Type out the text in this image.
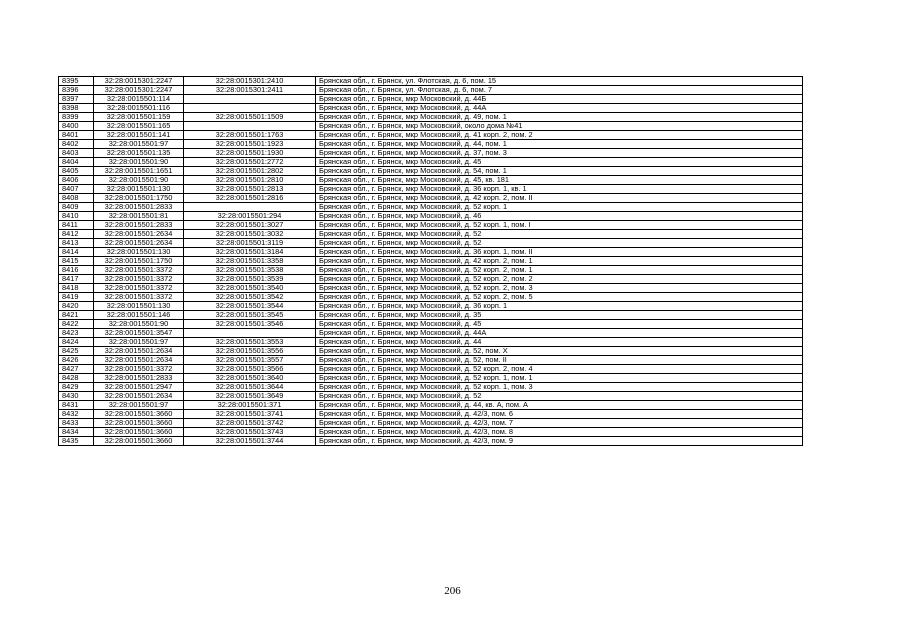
8395	32:28:0015301:2247	32:28:0015301:2410	Брянская обл., г. Брянск, ул. Флотская, д. 6, пом. 15
8396	32:28:0015301:2247	32:28:0015301:2411	Брянская обл., г. Брянск, ул. Флотская, д. 6, пом. 7
8397	32:28:0015501:114		Брянская обл., г. Брянск, мкр Московский, д. 44Б
8398	32:28:0015501:116		Брянская обл., г. Брянск, мкр Московский, д. 44А
8399	32:28:0015501:159	32:28:0015501:1509	Брянская обл., г. Брянск, мкр Московский, д. 49, пом. 1
8400	32:28:0015501:165		Брянская обл., г. Брянск, мкр Московский, около дома №41
8401	32:28:0015501:141	32:28:0015501:1763	Брянская обл., г. Брянск, мкр Московский, д. 41 корп. 2, пом. 2
8402	32:28:0015501:97	32:28:0015501:1923	Брянская обл., г. Брянск, мкр Московский, д. 44, пом. 1
8403	32:28:0015501:135	32:28:0015501:1930	Брянская обл., г. Брянск, мкр Московский, д. 37, пом. 3
8404	32:28:0015501:90	32:28:0015501:2772	Брянская обл., г. Брянск, мкр Московский, д. 45
8405	32:28:0015501:1651	32:28:0015501:2802	Брянская обл., г. Брянск, мкр Московский, д. 54, пом. 1
8406	32:28:0015501:90	32:28:0015501:2810	Брянская обл., г. Брянск, мкр Московский, д. 45, кв. 181
8407	32:28:0015501:130	32:28:0015501:2813	Брянская обл., г. Брянск, мкр Московский, д. 36 корп. 1, кв. 1
8408	32:28:0015501:1750	32:28:0015501:2816	Брянская обл., г. Брянск, мкр Московский, д. 42 корп. 2, пом. II
8409	32:28:0015501:2833		Брянская обл., г. Брянск, мкр Московский, д. 52 корп. 1
8410	32:28:0015501:81	32:28:0015501:294	Брянская обл., г. Брянск, мкр Московский, д. 46
8411	32:28:0015501:2833	32:28:0015501:3027	Брянская обл., г. Брянск, мкр Московский, д. 52 корп. 1, пом. I
8412	32:28:0015501:2634	32:28:0015501:3032	Брянская обл., г. Брянск, мкр Московский, д. 52
8413	32:28:0015501:2634	32:28:0015501:3119	Брянская обл., г. Брянск, мкр Московский, д. 52
8414	32:28:0015501:130	32:28:0015501:3184	Брянская обл., г. Брянск, мкр Московский, д. 36 корп. 1, пом. II
8415	32:28:0015501:1750	32:28:0015501:3358	Брянская обл., г. Брянск, мкр Московский, д. 42 корп. 2, пом. 1
8416	32:28:0015501:3372	32:28:0015501:3538	Брянская обл., г. Брянск, мкр Московский, д. 52 корп. 2, пом. 1
8417	32:28:0015501:3372	32:28:0015501:3539	Брянская обл., г. Брянск, мкр Московский, д. 52 корп. 2, пом. 2
8418	32:28:0015501:3372	32:28:0015501:3540	Брянская обл., г. Брянск, мкр Московский, д. 52 корп. 2, пом. 3
8419	32:28:0015501:3372	32:28:0015501:3542	Брянская обл., г. Брянск, мкр Московский, д. 52 корп. 2, пом. 5
8420	32:28:0015501:130	32:28:0015501:3544	Брянская обл., г. Брянск, мкр Московский, д. 36 корп. 1
8421	32:28:0015501:146	32:28:0015501:3545	Брянская обл., г. Брянск, мкр Московский, д. 35
8422	32:28:0015501:90	32:28:0015501:3546	Брянская обл., г. Брянск, мкр Московский, д. 45
8423	32:28:0015501:3547		Брянская обл., г. Брянск, мкр Московский, д. 44А
8424	32:28:0015501:97	32:28:0015501:3553	Брянская обл., г. Брянск, мкр Московский, д. 44
8425	32:28:0015501:2634	32:28:0015501:3556	Брянская обл., г. Брянск, мкр Московский, д. 52, пом. X
8426	32:28:0015501:2634	32:28:0015501:3557	Брянская обл., г. Брянск, мкр Московский, д. 52, пом. II
8427	32:28:0015501:3372	32:28:0015501:3566	Брянская обл., г. Брянск, мкр Московский, д. 52 корп. 2, пом. 4
8428	32:28:0015501:2833	32:28:0015501:3640	Брянская обл., г. Брянск, мкр Московский, д. 52 корп. 1, пом. 1
8429	32:28:0015501:2947	32:28:0015501:3644	Брянская обл., г. Брянск, мкр Московский, д. 52 корп. 1, пом. 3
8430	32:28:0015501:2634	32:28:0015501:3649	Брянская обл., г. Брянск, мкр Московский, д. 52
8431	32:28:0015501:97	32:28:0015501:371	Брянская обл., г. Брянск, мкр Московский, д. 44, кв. А, пом. А
8432	32:28:0015501:3660	32:28:0015501:3741	Брянская обл., г. Брянск, мкр Московский, д. 42/3, пом. 6
8433	32:28:0015501:3660	32:28:0015501:3742	Брянская обл., г. Брянск, мкр Московский, д. 42/3, пом. 7
8434	32:28:0015501:3660	32:28:0015501:3743	Брянская обл., г. Брянск, мкр Московский, д. 42/3, пом. 8
8435	32:28:0015501:3660	32:28:0015501:3744	Брянская обл., г. Брянск, мкр Московский, д. 42/3, пом. 9
206
